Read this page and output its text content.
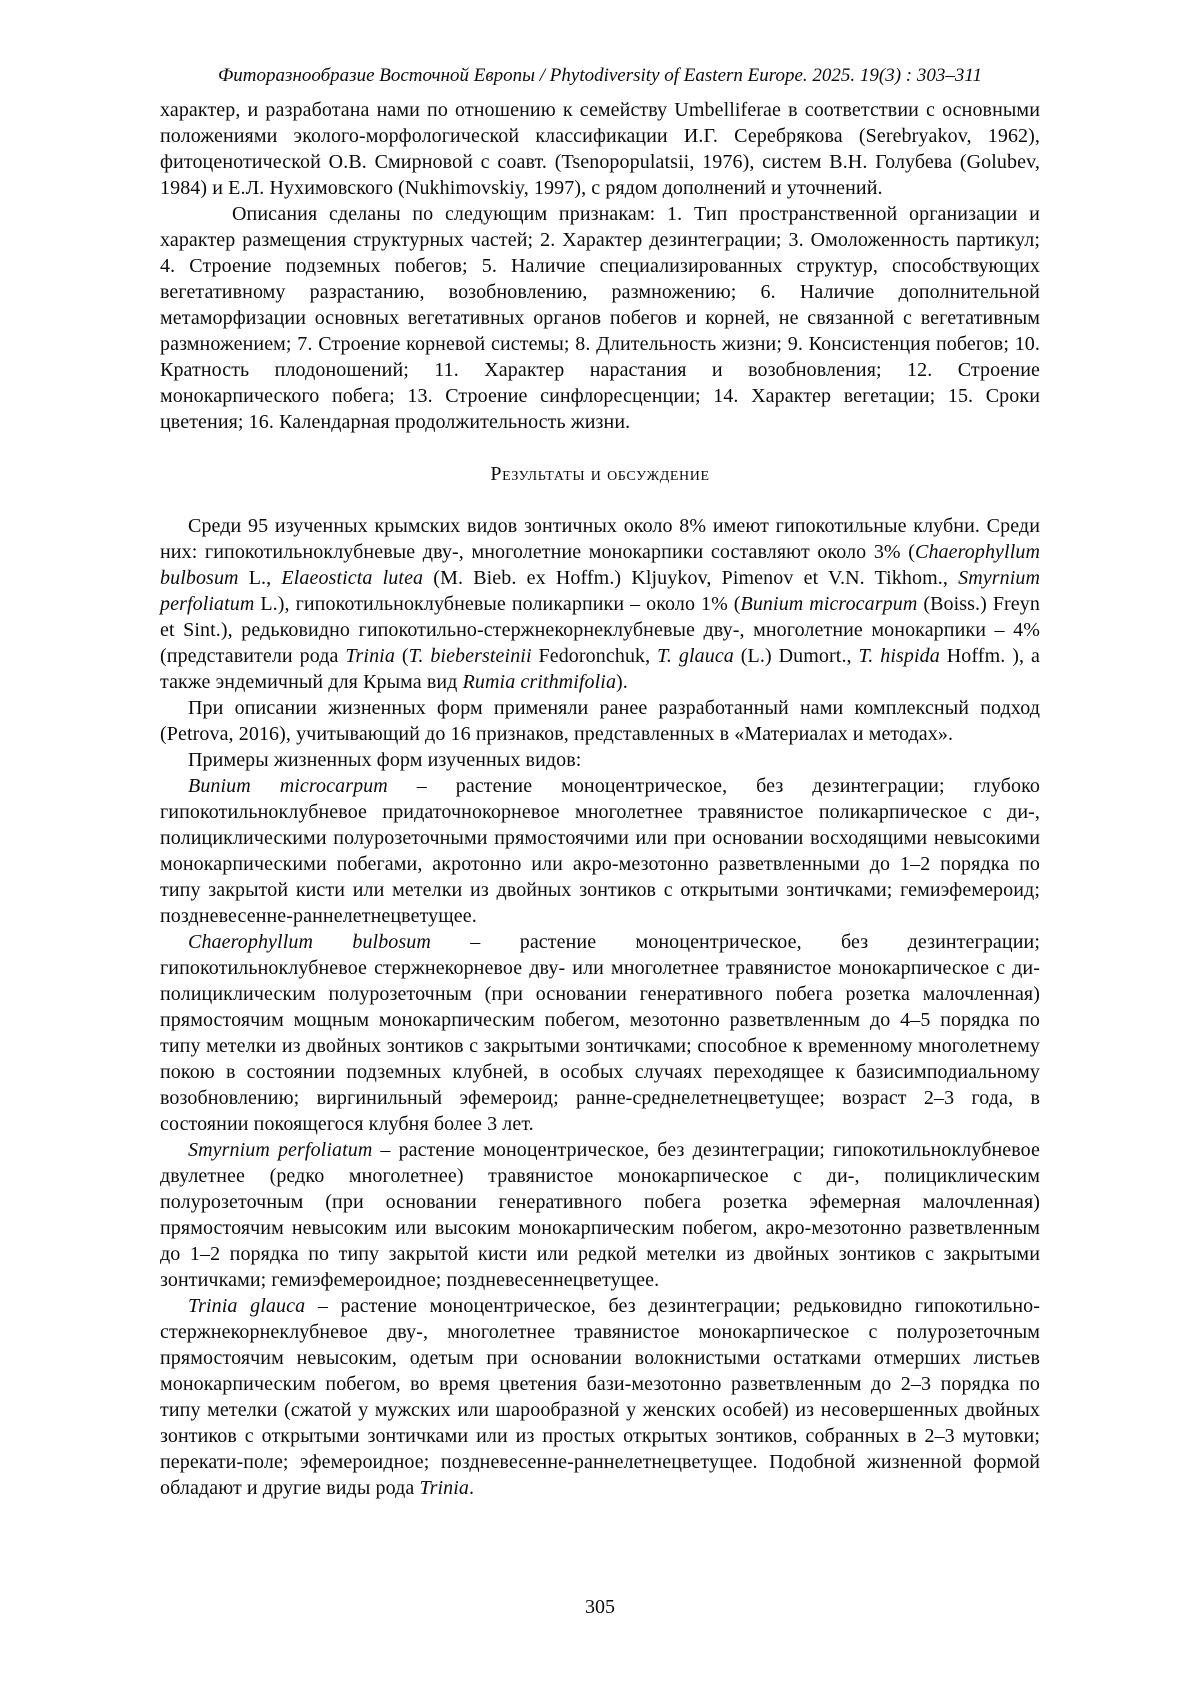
Фиторазнообразие Восточной Европы / Phytodiversity of Eastern Europe. 2025. 19(3) : 303–311

характер, и разработана нами по отношению к семейству Umbelliferae в соответствии с основными положениями эколого-морфологической классификации И.Г. Серебрякова (Serebryakov, 1962), фитоценотической О.В. Смирновой с соавт. (Tsenopopulatsii, 1976), систем В.Н. Голубева (Golubev, 1984) и Е.Л. Нухимовского (Nukhimovskiy, 1997), с рядом дополнений и уточнений.

Описания сделаны по следующим признакам: 1. Тип пространственной организации и характер размещения структурных частей; 2. Характер дезинтеграции; 3. Омоложенность партикул; 4. Строение подземных побегов; 5. Наличие специализированных структур, способствующих вегетативному разрастанию, возобновлению, размножению; 6. Наличие дополнительной метаморфизации основных вегетативных органов побегов и корней, не связанной с вегетативным размножением; 7. Строение корневой системы; 8. Длительность жизни; 9. Консистенция побегов; 10. Кратность плодоношений; 11. Характер нарастания и возобновления; 12. Строение монокарпического побега; 13. Строение синфлоресценции; 14. Характер вегетации; 15. Сроки цветения; 16. Календарная продолжительность жизни.

Результаты и обсуждение

Среди 95 изученных крымских видов зонтичных около 8% имеют гипокотильные клубни. Среди них: гипокотильноклубневые дву-, многолетние монокарпики составляют около 3% (Chaerophyllum bulbosum L., Elaeosticta lutea (M. Bieb. ex Hoffm.) Kljuykov, Pimenov et V.N. Tikhom., Smyrnium perfoliatum L.), гипокотильноклубневые поликарпики – около 1% (Bunium microcarpum (Boiss.) Freyn et Sint.), редьковидно гипокотильно-стержнекорнеклубневые дву-, многолетние монокарпики – 4% (представители рода Trinia (T. biebersteinii Fedoronchuk, T. glauca (L.) Dumort., T. hispida Hoffm. ), а также эндемичный для Крыма вид Rumia crithmifolia).

При описании жизненных форм применяли ранее разработанный нами комплексный подход (Petrova, 2016), учитывающий до 16 признаков, представленных в «Материалах и методах».

Примеры жизненных форм изученных видов:

Bunium microcarpum – растение моноцентрическое, без дезинтеграции; глубоко гипокотильноклубневое придаточнокорневое многолетнее травянистое поликарпическое с ди-, полициклическими полурозеточными прямостоячими или при основании восходящими невысокими монокарпическими побегами, акротонно или акро-мезотонно разветвленными до 1–2 порядка по типу закрытой кисти или метелки из двойных зонтиков с открытыми зонтичками; гемиэфемероид; поздневесенне-раннелетнецветущее.

Chaerophyllum bulbosum – растение моноцентрическое, без дезинтеграции; гипокотильноклубневое стержнекорневое дву- или многолетнее травянистое монокарпическое с ди-полициклическим полурозеточным (при основании генеративного побега розетка малочленная) прямостоячим мощным монокарпическим побегом, мезотонно разветвленным до 4–5 порядка по типу метелки из двойных зонтиков с закрытыми зонтичками; способное к временному многолетнему покою в состоянии подземных клубней, в особых случаях переходящее к базисимподиальному возобновлению; виргинильный эфемероид; ранне-среднелетнецветущее; возраст 2–3 года, в состоянии покоящегося клубня более 3 лет.

Smyrnium perfoliatum – растение моноцентрическое, без дезинтеграции; гипокотильноклубневое двулетнее (редко многолетнее) травянистое монокарпическое с ди-, полициклическим полурозеточным (при основании генеративного побега розетка эфемерная малочленная) прямостоячим невысоким или высоким монокарпическим побегом, акро-мезотонно разветвленным до 1–2 порядка по типу закрытой кисти или редкой метелки из двойных зонтиков с закрытыми зонтичками; гемиэфемероидное; поздневесеннецветущее.

Trinia glauca – растение моноцентрическое, без дезинтеграции; редьковидно гипокотильно-стержнекорнеклубневое дву-, многолетнее травянистое монокарпическое с полурозеточным прямостоячим невысоким, одетым при основании волокнистыми остатками отмерших листьев монокарпическим побегом, во время цветения бази-мезотонно разветвленным до 2–3 порядка по типу метелки (сжатой у мужских или шарообразной у женских особей) из несовершенных двойных зонтиков с открытыми зонтичками или из простых открытых зонтиков, собранных в 2–3 мутовки; перекати-поле; эфемероидное; поздневесенне-раннелетнецветущее. Подобной жизненной формой обладают и другие виды рода Trinia.

305
